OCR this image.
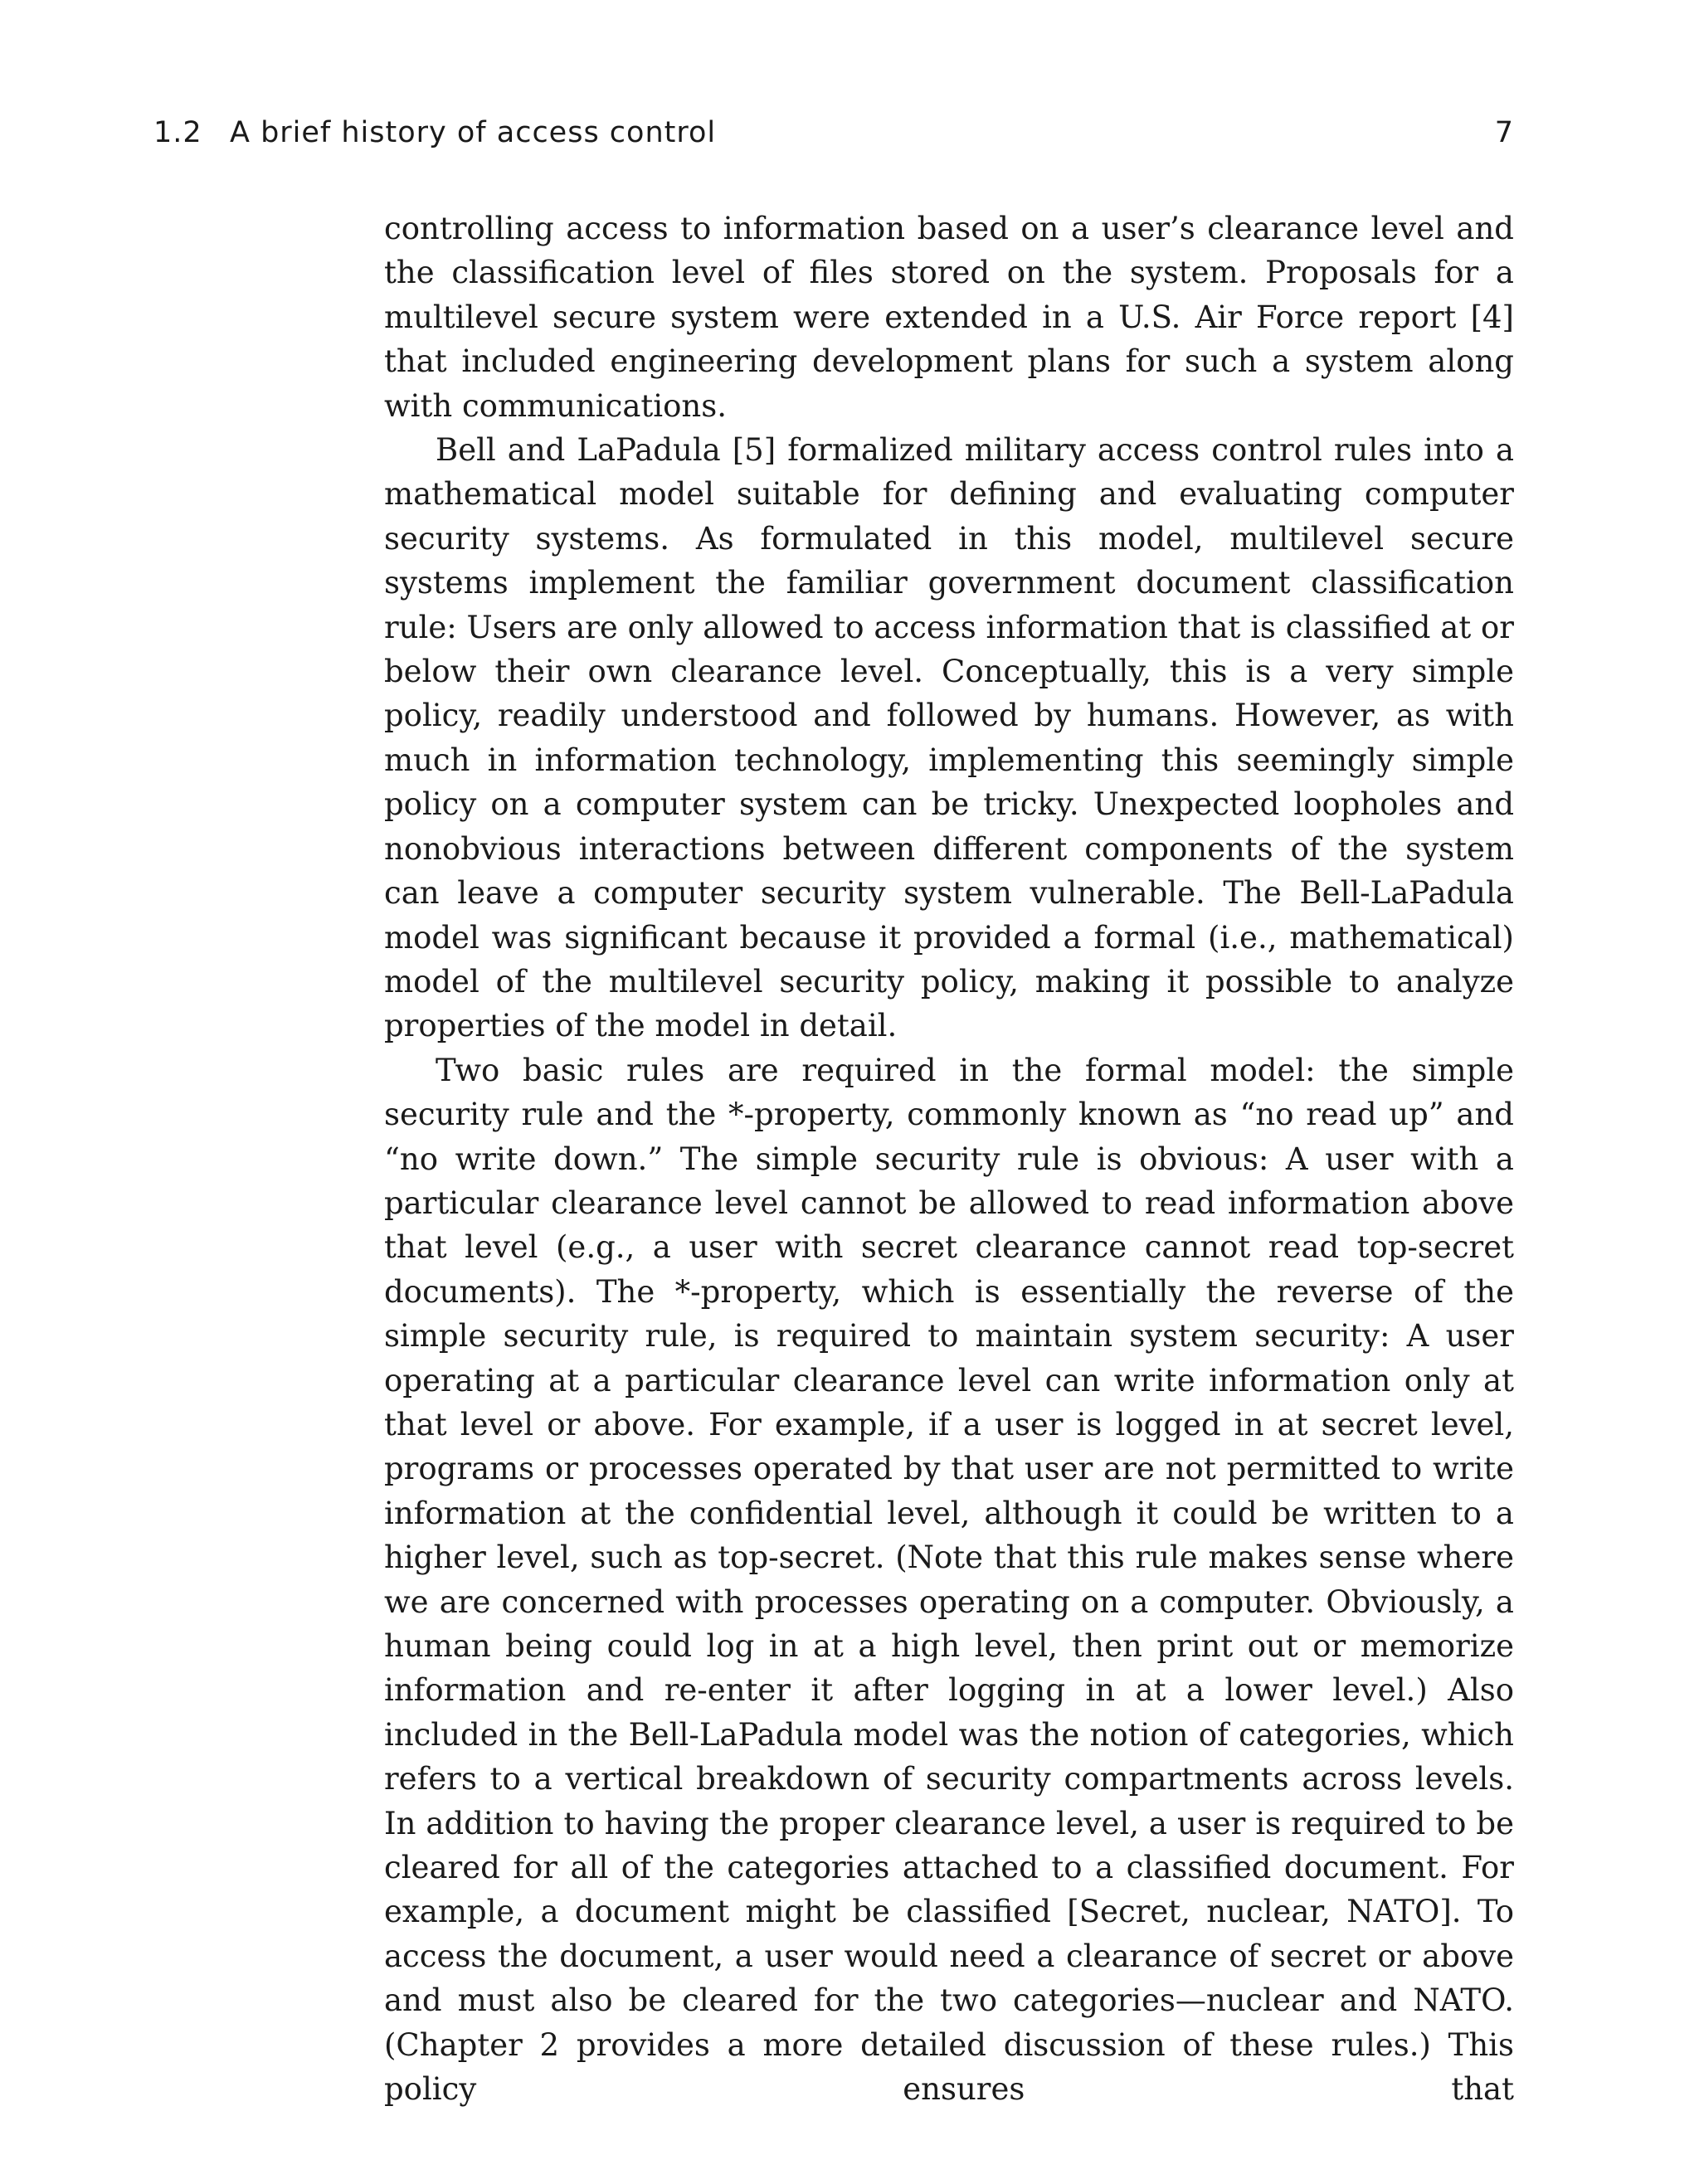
1.2 A brief history of access control	7

controlling access to information based on a user’s clearance level and the classification level of files stored on the system. Proposals for a multilevel secure system were extended in a U.S. Air Force report [4] that included engineering development plans for such a system along with communications.

Bell and LaPadula [5] formalized military access control rules into a mathematical model suitable for defining and evaluating computer security systems. As formulated in this model, multilevel secure systems implement the familiar government document classification rule: Users are only allowed to access information that is classified at or below their own clearance level. Conceptually, this is a very simple policy, readily understood and followed by humans. However, as with much in information technology, implementing this seemingly simple policy on a computer system can be tricky. Unexpected loopholes and nonobvious interactions between different components of the system can leave a computer security system vulnerable. The Bell-LaPadula model was significant because it provided a formal (i.e., mathematical) model of the multilevel security policy, making it possible to analyze properties of the model in detail.

Two basic rules are required in the formal model: the simple security rule and the *-property, commonly known as “no read up” and “no write down.” The simple security rule is obvious: A user with a particular clearance level cannot be allowed to read information above that level (e.g., a user with secret clearance cannot read top-secret documents). The *-property, which is essentially the reverse of the simple security rule, is required to maintain system security: A user operating at a particular clearance level can write information only at that level or above. For example, if a user is logged in at secret level, programs or processes operated by that user are not permitted to write information at the confidential level, although it could be written to a higher level, such as top-secret. (Note that this rule makes sense where we are concerned with processes operating on a computer. Obviously, a human being could log in at a high level, then print out or memorize information and re-enter it after logging in at a lower level.) Also included in the Bell-LaPadula model was the notion of categories, which refers to a vertical breakdown of security compartments across levels. In addition to having the proper clearance level, a user is required to be cleared for all of the categories attached to a classified document. For example, a document might be classified [Secret, nuclear, NATO]. To access the document, a user would need a clearance of secret or above and must also be cleared for the two categories—nuclear and NATO. (Chapter 2 provides a more detailed discussion of these rules.) This policy ensures that
